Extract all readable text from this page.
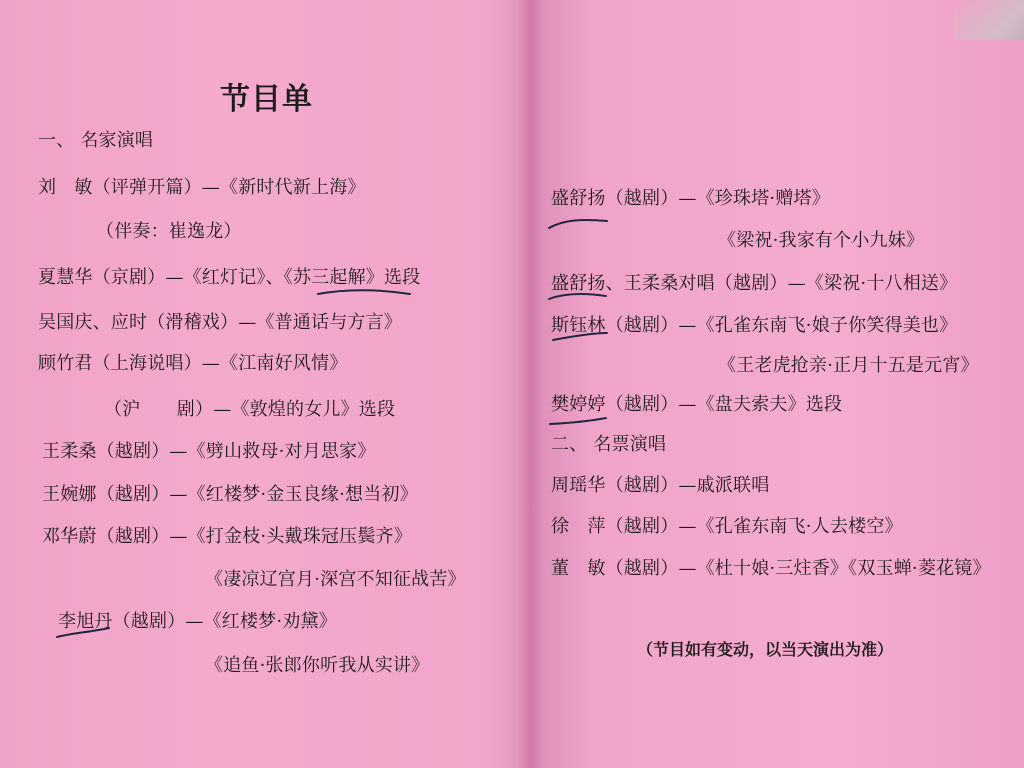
节目单
一、 名家演唱
刘　敏（评弹开篇）—《新时代新上海》
（伴奏：崔逸龙）
夏慧华（京剧）—《红灯记》、《苏三起解》选段
吴国庆、应时（滑稽戏）—《普通话与方言》
顾竹君（上海说唱）—《江南好风情》
（沪　　剧）—《敦煌的女儿》选段
王柔桑（越剧）—《劈山救母·对月思家》
王婉娜（越剧）—《红楼梦·金玉良缘·想当初》
邓华蔚（越剧）—《打金枝·头戴珠冠压鬓齐》
《凄凉辽宫月·深宫不知征战苦》
李旭丹（越剧）—《红楼梦·劝黛》
《追鱼·张郎你听我从实讲》
盛舒扬（越剧）—《珍珠塔·赠塔》
《梁祝·我家有个小九妹》
盛舒扬、王柔桑对唱（越剧）—《梁祝·十八相送》
斯钰林（越剧）—《孔雀东南飞·娘子你笑得美也》
《王老虎抢亲·正月十五是元宵》
樊婷婷（越剧）—《盘夫索夫》选段
二、 名票演唱
周瑶华（越剧）—戚派联唱
徐　萍（越剧）—《孔雀东南飞·人去楼空》
董　敏（越剧）—《杜十娘·三炷香》《双玉蝉·菱花镜》
（节目如有变动，以当天演出为准）
